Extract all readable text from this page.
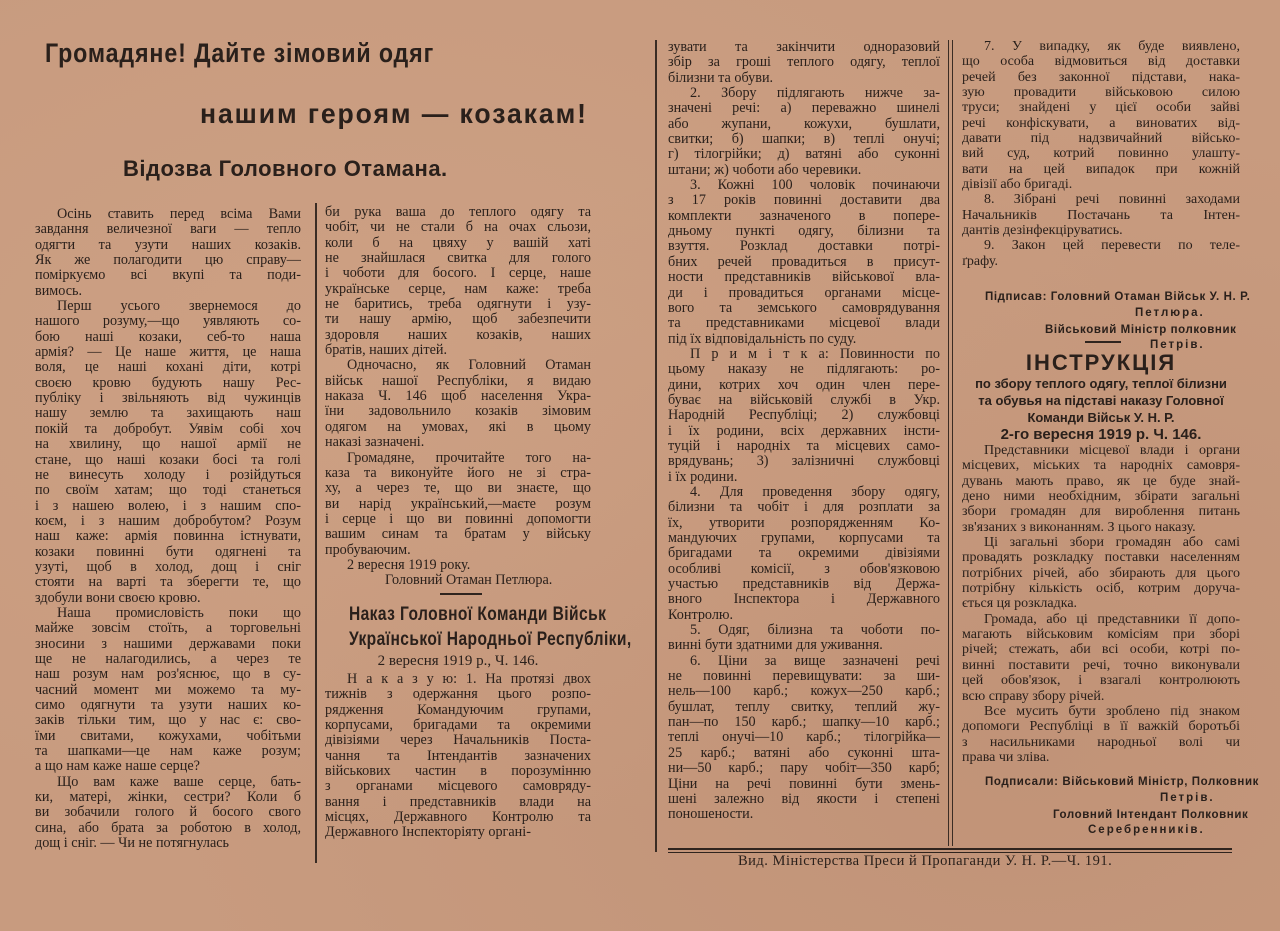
Громадяне! Дайте зімовий одяг
нашим героям — козакам!
Відозва Головного Отамана.
Осінь ставить перед всіма Вами
завдання величезної ваги — тепло
одягти та узути наших козаків.
Як же полагодити цю справу—
поміркуємо всі вкупі та поди-
вимось.
Перш усього звернемося до
нашого розуму,—що уявляють со-
бою наші козаки, себ-то наша
армія? — Це наше життя, це наша
воля, це наші кохані діти, котрі
своєю кровю будують нашу Рес-
публіку і звільняють від чужинців
нашу землю та захищають наш
покій та добробут. Уявім собі хоч
на хвилину, що нашої армії не
стане, що наші козаки босі та голі
не винесуть холоду і розійдуться
по своїм хатам; що тоді станеться
і з нашею волею, і з нашим спо-
коєм, і з нашим добробутом? Розум
наш каже: армія повинна істнувати,
козаки повинні бути одягнені та
узуті, щоб в холод, дощ і сніг
стояти на варті та зберегти те, що
здобули вони своєю кровю.
Наша промисловість поки що
майже зовсім стоїть, а торговельні
зносини з нашими державами поки
ще не налагодились, а через те
наш розум нам роз'яснює, що в су-
часний момент ми можемо та му-
симо одягнути та узути наших ко-
заків тільки тим, що у нас є: сво-
їми свитами, кожухами, чобітьми
та шапками—це нам каже розум;
а що нам каже наше серце?
Що вам каже ваше серце, бать-
ки, матері, жінки, сестри? Коли б
ви зобачили голого й босого свого
сина, або брата за роботою в холод,
дощ і сніг. — Чи не потягнулась
би рука ваша до теплого одягу та
чобіт, чи не стали б на очах сльози,
коли б на цвяху у вашій хаті
не знайшлася свитка для голого
і чоботи для босого. І серце, наше
українське серце, нам каже: треба
не баритись, треба одягнути і узу-
ти нашу армію, щоб забезпечити
здоровля наших козаків, наших
братів, наших дітей.
Одночасно, як Головний Отаман
військ нашої Республіки, я видаю
наказа Ч. 146 щоб населення Укра-
їни задовольнило козаків зімовим
одягом на умовах, які в цьому
наказі зазначені.
Громадяне, прочитайте того на-
каза та виконуйте його не зі стра-
ху, а через те, що ви знаєте, що
ви нарід український,—маєте розум
і серце і що ви повинні допомогти
вашим синам та братам у війську
пробуваючим.
2 вересня 1919 року.
Головний Отаман Петлюра.
Наказ Головної Команди Військ
Української Народньої Республіки,
2 вересня 1919 р., Ч. 146.
Н а к а з у ю: 1. На протязі двох
тижнів з одержання цього розпо-
рядження Командуючим групами,
корпусами, бригадами та окремими
дівізіями через Начальників Поста-
чання та Інтендантів зазначених
військових частин в порозумінню
з органами місцевого самовряду-
вання і представників влади на
місцях, Державного Контролю та
Державного Інспекторіяту органі-
зувати та закінчити одноразовий
збір за гроші теплого одягу, теплої
білизни та обуви.
2. Збору підлягають нижче за-
значені речі: а) переважно шинелі
або жупани, кожухи, бушлати,
свитки; б) шапки; в) теплі онучі;
г) тілогрійки; д) ватяні або суконні
штани; ж) чоботи або черевики.
3. Кожні 100 чоловік починаючи
з 17 років повинні доставити два
комплекти зазначеного в попере-
дньому пункті одягу, білизни та
взуття. Розклад доставки потрі-
бних речей провадиться в присут-
ности представників військової вла-
ди і провадиться органами місце-
вого та земського самоврядування
та представниками місцевої влади
під їх відповідальність по суду.
П р и м і т к а: Повинности по
цьому наказу не підлягають: ро-
дини, котрих хоч один член пере-
буває на військовій службі в Укр.
Народній Республіці; 2) службовці
і їх родини, всіх державних інсти-
туцій і народніх та місцевих само-
врядувань; 3) залізничні службовці
і їх родини.
4. Для проведення збору одягу,
білизни та чобіт і для розплати за
їх, утворити розпорядженням Ко-
мандуючих групами, корпусами та
бригадами та окремими дівізіями
особливі комісії, з обов'язковою
участью представників від Держа-
вного Інспектора і Державного
Контролю.
5. Одяг, білизна та чоботи по-
винні бути здатними для уживання.
6. Ціни за вище зазначені речі
не повинні перевищувати: за ши-
нель—100 карб.; кожух—250 карб.;
бушлат, теплу свитку, теплий жу-
пан—по 150 карб.; шапку—10 карб.;
теплі онучі—10 карб.; тілогрійка—
25 карб.; ватяні або суконні шта-
ни—50 карб.; пару чобіт—350 карб;
Ціни на речі повинні бути змень-
шені залежно від якости і степені
поношености.
7. У випадку, як буде виявлено,
що особа відмовиться від доставки
речей без законної підстави, нака-
зую провадити військовою силою
труси; знайдені у цієї особи зайві
речі конфіскувати, а виноватих від-
давати під надзвичайний військо-
вий суд, котрий повинно улашту-
вати на цей випадок при кожній
дівізії або бригаді.
8. Зібрані речі повинні заходами
Начальників Постачань та Інтен-
дантів дезінфекціруватись.
9. Закон цей перевести по теле-
ґрафу.
Підписав: Головний Отаман Військ У. Н. Р.
Петлюра.
Військовий Міністр полковник
Петрів.
ІНСТРУКЦІЯ
по збору теплого одягу, теплої білизни
та обувья на підставі наказу Головної
Команди Військ У. Н. Р.
2-го вересня 1919 р. Ч. 146.
Представники місцевої влади і органи
місцевих, міських та народніх самовря-
дувань мають право, як це буде знай-
дено ними необхідним, збірати загальні
збори громадян для вироблення питань
зв'язаних з виконанням. З цього наказу.
Ці загальні збори громадян або самі
провадять розкладку поставки населенням
потрібних річей, або збирають для цього
потрібну кількість осіб, котрим доруча-
ється ця розкладка.
Громада, або ці представники її допо-
магають військовим комісіям при зборі
річей; стежать, аби всі особи, котрі по-
винні поставити речі, точно виконували
цей обов'язок, і взагалі контролюють
всю справу збору річей.
Все мусить бути зроблено під знаком
допомоги Республіці в її важкій боротьбі
з насильниками народньої волі чи
права чи зліва.
Подписали: Військовий Міністр, Полковник
Петрів.
Головний Інтендант Полковник
Серебренників.
Вид. Міністерства Преси й Пропаганди У. Н. Р.—Ч. 191.
